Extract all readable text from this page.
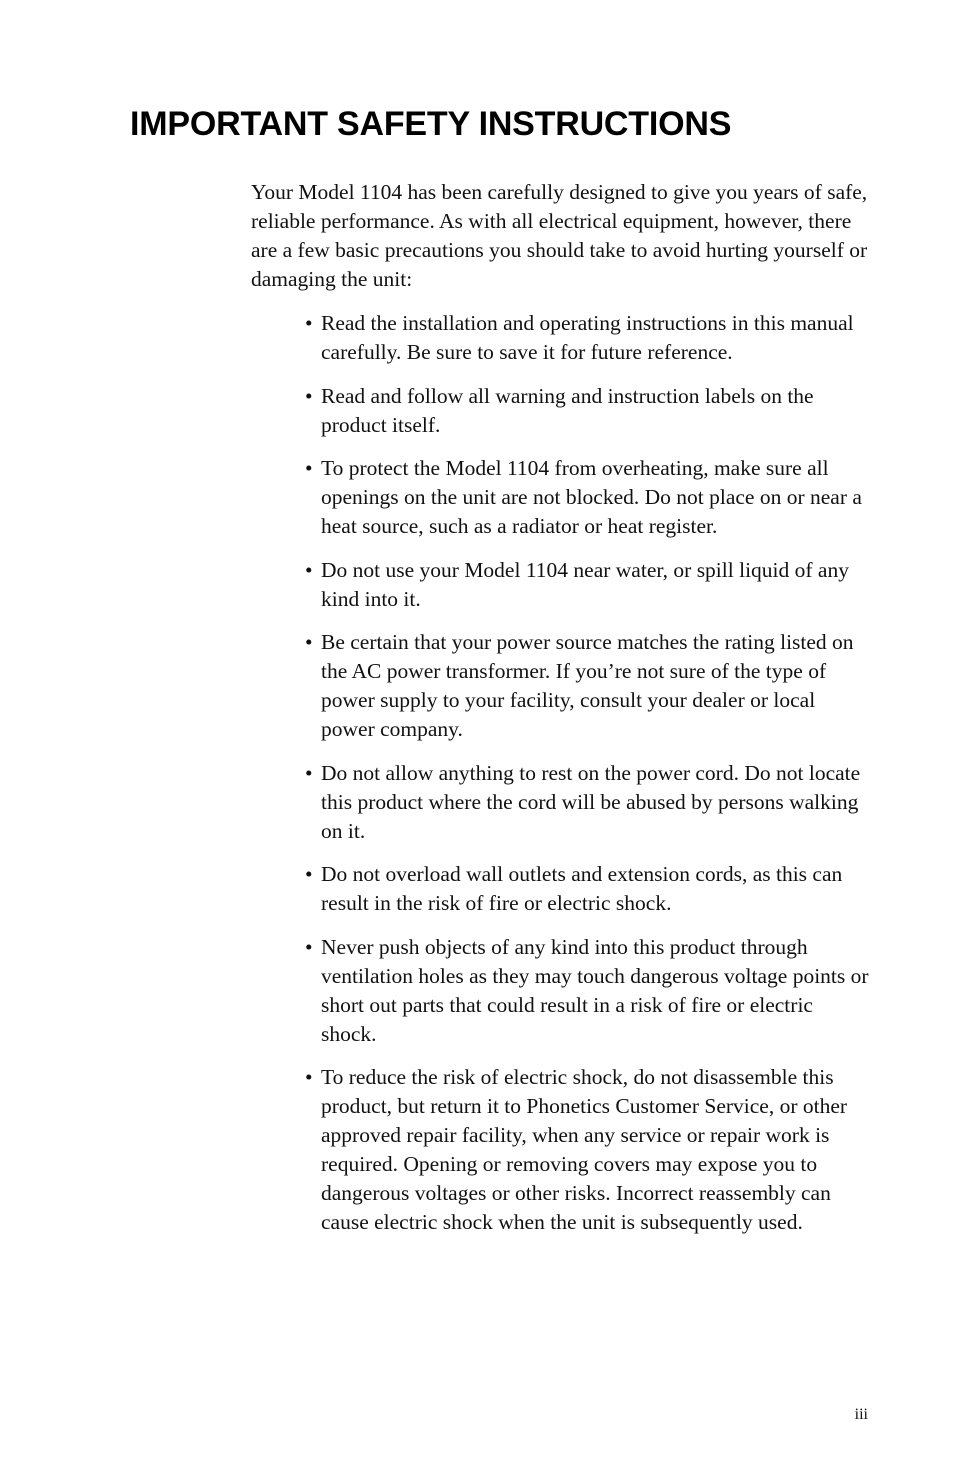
IMPORTANT SAFETY INSTRUCTIONS

Your Model 1104 has been carefully designed to give you years of safe, reliable performance. As with all electrical equipment, however, there are a few basic precautions you should take to avoid hurting yourself or damaging the unit:

• Read the installation and operating instructions in this manual carefully. Be sure to save it for future reference.
• Read and follow all warning and instruction labels on the product itself.
• To protect the Model 1104 from overheating, make sure all openings on the unit are not blocked. Do not place on or near a heat source, such as a radiator or heat register.
• Do not use your Model 1104 near water, or spill liquid of any kind into it.
• Be certain that your power source matches the rating listed on the AC power transformer. If you’re not sure of the type of power supply to your facility, consult your dealer or local power company.
• Do not allow anything to rest on the power cord. Do not locate this product where the cord will be abused by persons walking on it.
• Do not overload wall outlets and extension cords, as this can result in the risk of fire or electric shock.
• Never push objects of any kind into this product through ventilation holes as they may touch dangerous voltage points or short out parts that could result in a risk of fire or electric shock.
• To reduce the risk of electric shock, do not disassemble this product, but return it to Phonetics Customer Service, or other approved repair facility, when any service or repair work is required. Opening or removing covers may expose you to dangerous voltages or other risks. Incorrect reassembly can cause electric shock when the unit is subsequently used.
iii
